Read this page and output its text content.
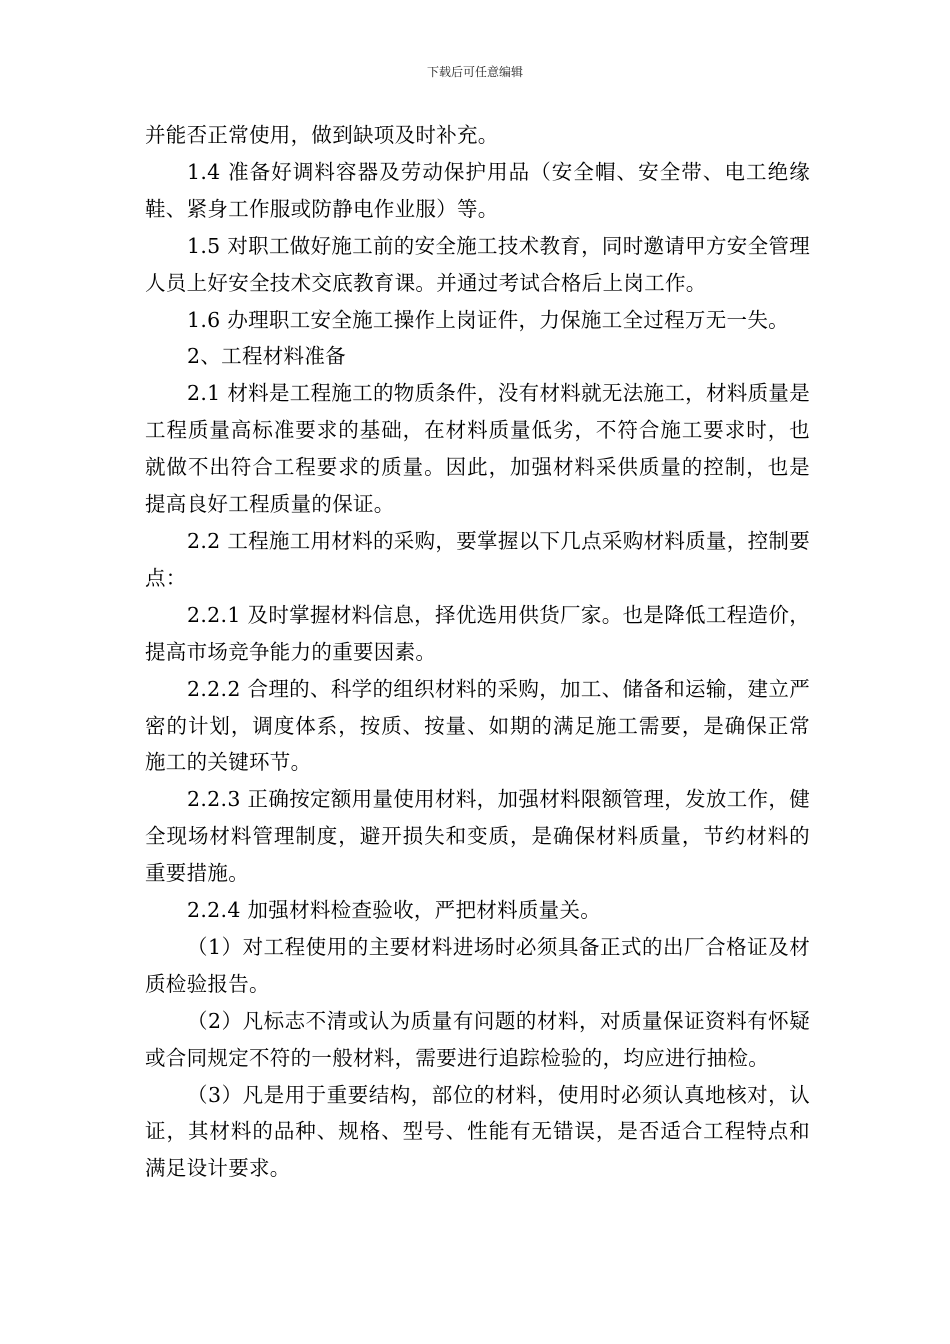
下载后可任意编辑

并能否正常使用，做到缺项及时补充。

1.4 准备好调料容器及劳动保护用品（安全帽、安全带、电工绝缘鞋、紧身工作服或防静电作业服）等。

1.5 对职工做好施工前的安全施工技术教育，同时邀请甲方安全管理人员上好安全技术交底教育课。并通过考试合格后上岗工作。

1.6 办理职工安全施工操作上岗证件，力保施工全过程万无一失。

2、工程材料准备

2.1 材料是工程施工的物质条件，没有材料就无法施工，材料质量是工程质量高标准要求的基础，在材料质量低劣，不符合施工要求时，也就做不出符合工程要求的质量。因此，加强材料采供质量的控制，也是提高良好工程质量的保证。

2.2 工程施工用材料的采购，要掌握以下几点采购材料质量，控制要点：

2.2.1 及时掌握材料信息，择优选用供货厂家。也是降低工程造价，提高市场竞争能力的重要因素。

2.2.2 合理的、科学的组织材料的采购，加工、储备和运输，建立严密的计划，调度体系，按质、按量、如期的满足施工需要，是确保正常施工的关键环节。

2.2.3 正确按定额用量使用材料，加强材料限额管理，发放工作，健全现场材料管理制度，避开损失和变质，是确保材料质量，节约材料的重要措施。

2.2.4 加强材料检查验收，严把材料质量关。

（1）对工程使用的主要材料进场时必须具备正式的出厂合格证及材质检验报告。

（2）凡标志不清或认为质量有问题的材料，对质量保证资料有怀疑或合同规定不符的一般材料，需要进行追踪检验的，均应进行抽检。

（3）凡是用于重要结构，部位的材料，使用时必须认真地核对，认证，其材料的品种、规格、型号、性能有无错误，是否适合工程特点和满足设计要求。
